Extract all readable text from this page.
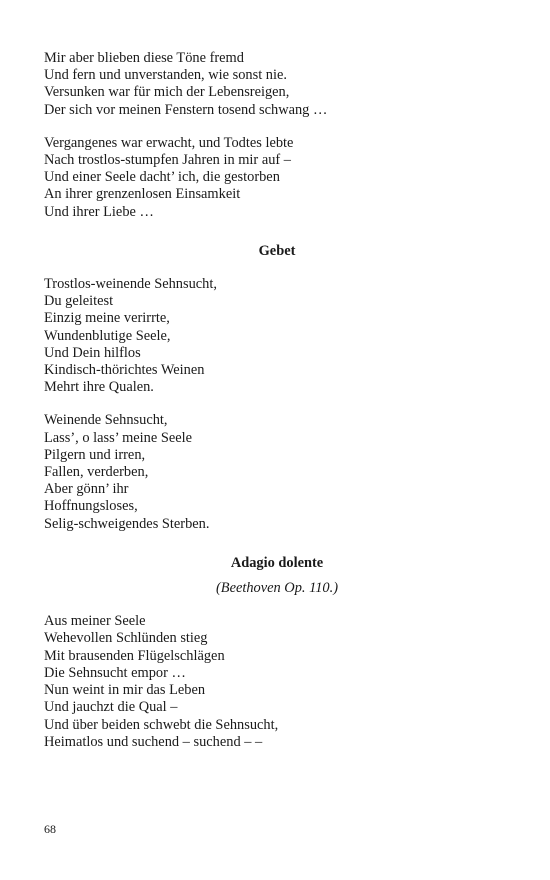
Mir aber blieben diese Töne fremd
Und fern und unverstanden, wie sonst nie.
Versunken war für mich der Lebensreigen,
Der sich vor meinen Fenstern tosend schwang …
Vergangenes war erwacht, und Todtes lebte
Nach trostlos-stumpfen Jahren in mir auf –
Und einer Seele dacht’ ich, die gestorben
An ihrer grenzenlosen Einsamkeit
Und ihrer Liebe …
Gebet
Trostlos-weinende Sehnsucht,
Du geleitest
Einzig meine verirrte,
Wundenblutige Seele,
Und Dein hilflos
Kindisch-thörichtes Weinen
Mehrt ihre Qualen.
Weinende Sehnsucht,
Lass’, o lass’ meine Seele
Pilgern und irren,
Fallen, verderben,
Aber gönn’ ihr
Hoffnungsloses,
Selig-schweigendes Sterben.
Adagio dolente
(Beethoven Op. 110.)
Aus meiner Seele
Wehevollen Schlünden stieg
Mit brausenden Flügelschlägen
Die Sehnsucht empor …
Nun weint in mir das Leben
Und jauchzt die Qual –
Und über beiden schwebt die Sehnsucht,
Heimatlos und suchend – suchend – –
68
